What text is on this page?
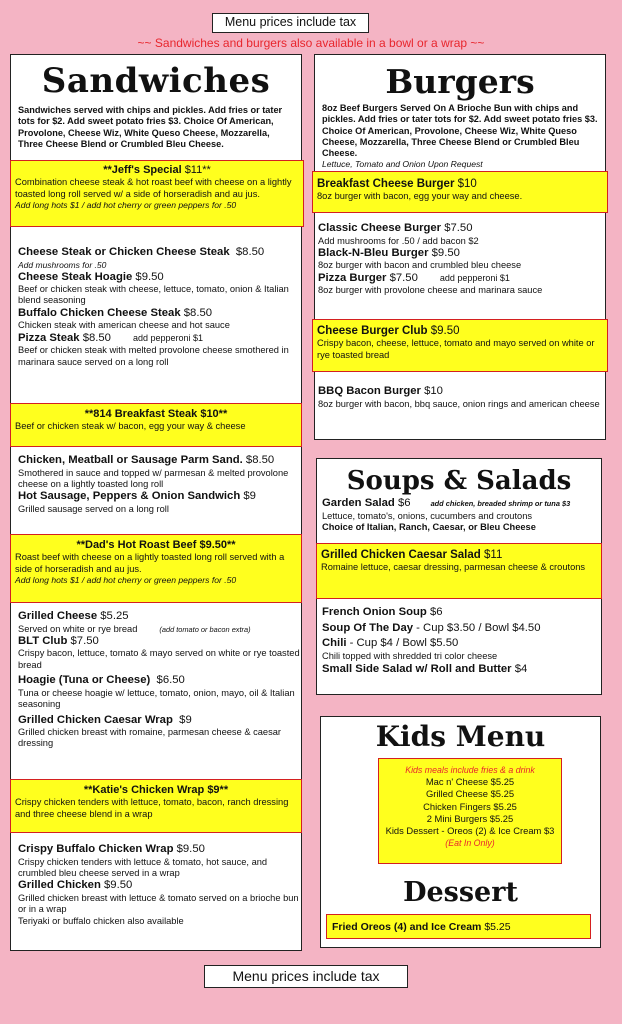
Menu prices include tax
~~ Sandwiches and burgers also available in a bowl or a wrap ~~
Sandwiches
Sandwiches served with chips and pickles. Add fries or tater tots for $2. Add sweet potato fries $3. Choice Of American, Provolone, Cheese Wiz, White Queso Cheese, Mozzarella, Three Cheese Blend or Crumbled Bleu Cheese.
**Jeff's Special $11**
Combination cheese steak & hot roast beef with cheese on a lightly toasted long roll served w/ a side of horseradish and au jus.
Add long hots $1 / add hot cherry or green peppers for .50
Cheese Steak or Chicken Cheese Steak $8.50
Add mushrooms for .50
Cheese Steak Hoagie $9.50
Beef or chicken steak with cheese, lettuce, tomato, onion & Italian blend seasoning
Buffalo Chicken Cheese Steak $8.50
Chicken steak with american cheese and hot sauce
Pizza Steak $8.50 add pepperoni $1
Beef or chicken steak with melted provolone cheese smothered in marinara sauce served on a long roll
**814 Breakfast Steak $10**
Beef or chicken steak w/ bacon, egg your way & cheese
Chicken, Meatball or Sausage Parm Sand. $8.50
Smothered in sauce and topped w/ parmesan & melted provolone cheese on a lightly toasted long roll
Hot Sausage, Peppers & Onion Sandwich $9
Grilled sausage served on a long roll
**Dad's Hot Roast Beef $9.50**
Roast beef with cheese on a lightly toasted long roll served with a side of horseradish and au jus.
Add long hots $1 / add hot cherry or green peppers for .50
Grilled Cheese $5.25
Served on white or rye bread	(add tomato or bacon extra)
BLT Club $7.50
Crispy bacon, lettuce, tomato & mayo served on white or rye toasted bread
Hoagie (Tuna or Cheese) $6.50
Tuna or cheese hoagie w/ lettuce, tomato, onion, mayo, oil & Italian seasoning
Grilled Chicken Caesar Wrap $9
Grilled chicken breast with romaine, parmesan cheese & caesar dressing
**Katie's Chicken Wrap $9**
Crispy chicken tenders with lettuce, tomato, bacon, ranch dressing and three cheese blend in a wrap
Crispy Buffalo Chicken Wrap $9.50
Crispy chicken tenders with lettuce & tomato, hot sauce, and crumbled bleu cheese served in a wrap
Grilled Chicken $9.50
Grilled chicken breast with lettuce & tomato served on a brioche bun or in a wrap
Teriyaki or buffalo chicken also available
Burgers
8oz Beef Burgers Served On A Brioche Bun with chips and pickles. Add fries or tater tots for $2. Add sweet potato fries $3. Choice Of American, Provolone, Cheese Wiz, White Queso Cheese, Mozzarella, Three Cheese Blend or Crumbled Bleu Cheese.
Lettuce, Tomato and Onion Upon Request
Breakfast Cheese Burger $10
8oz burger with bacon, egg your way and cheese.
Classic Cheese Burger $7.50
Add mushrooms for .50 / add bacon $2
Black-N-Bleu Burger $9.50
8oz burger with bacon and crumbled bleu cheese
Pizza Burger $7.50 add pepperoni $1
8oz burger with provolone cheese and marinara sauce
Cheese Burger Club $9.50
Crispy bacon, cheese, lettuce, tomato and mayo served on white or rye toasted bread
BBQ Bacon Burger $10
8oz burger with bacon, bbq sauce, onion rings and american cheese
Soups & Salads
Garden Salad $6	add chicken, breaded shrimp or tuna $3
Lettuce, tomato's, onions, cucumbers and croutons
Choice of Italian, Ranch, Caesar, or Bleu Cheese
Grilled Chicken Caesar Salad $11
Romaine lettuce, caesar dressing, parmesan cheese & croutons
French Onion Soup $6
Soup Of The Day - Cup $3.50 / Bowl $4.50
Chili - Cup $4 / Bowl $5.50
Chili topped with shredded tri color cheese
Small Side Salad w/ Roll and Butter $4
Kids Menu
Dessert
Kids meals include fries & a drink
Mac n' Cheese $5.25
Grilled Cheese $5.25
Chicken Fingers $5.25
2 Mini Burgers $5.25
Kids Dessert - Oreos (2) & Ice Cream $3
(Eat In Only)
Fried Oreos (4) and Ice Cream $5.25
Menu prices include tax
